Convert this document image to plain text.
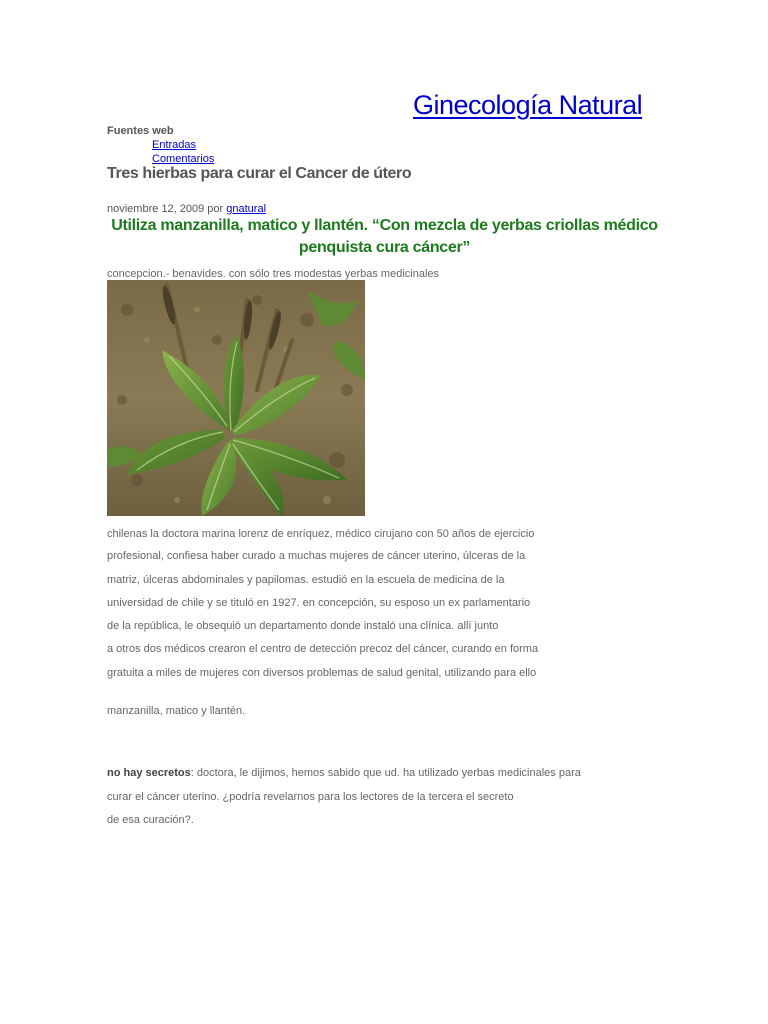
Ginecología Natural
Fuentes web
Entradas
Comentarios
Tres hierbas para curar el Cancer de útero
noviembre 12, 2009 por gnatural
Utiliza manzanilla, matico y llantén. “Con mezcla de yerbas criollas médico
penquista cura cáncer”
concepcion.- benavides. con sólo tres modestas yerbas medicinales
chilenas la doctora marina lorenz de enríquez, médico cirujano con 50 años de ejercicio
profesional, confiesa haber curado a muchas mujeres de cáncer uterino, úlceras de la
matriz, úlceras abdominales y papilomas. estudió en la escuela de medicina de la
universidad de chile y se tituló en 1927. en concepción, su esposo un ex parlamentario
de la república, le obsequió un departamento donde instaló una clínica. allí junto
a otros dos médicos crearon el centro de detección precoz del cáncer, curando en forma
gratuita a miles de mujeres con diversos problemas de salud genital, utilizando para ello
manzanilla, matico y llantén.
no hay secretos: doctora, le dijimos, hemos sabido que ud. ha utilizado yerbas medicinales para
curar el cáncer uterino. ¿podría revelarnos para los lectores de la tercera el secreto
de esa curación?.
